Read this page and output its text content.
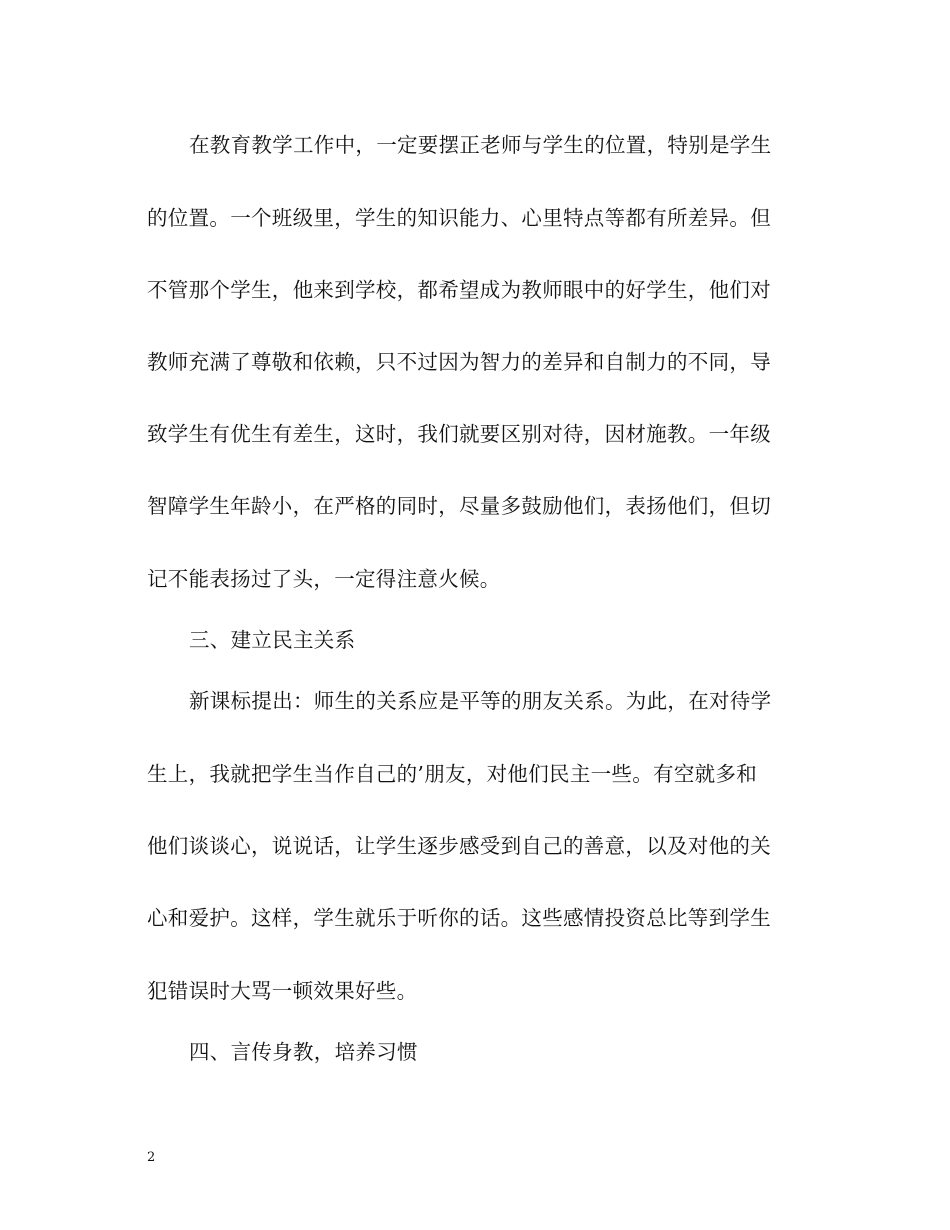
在教育教学工作中，一定要摆正老师与学生的位置，特别是学生
的位置。一个班级里，学生的知识能力、心里特点等都有所差异。但
不管那个学生，他来到学校，都希望成为教师眼中的好学生，他们对
教师充满了尊敬和依赖，只不过因为智力的差异和自制力的不同，导
致学生有优生有差生，这时，我们就要区别对待，因材施教。一年级
智障学生年龄小，在严格的同时，尽量多鼓励他们，表扬他们，但切
记不能表扬过了头，一定得注意火候。
三、建立民主关系
新课标提出：师生的关系应是平等的朋友关系。为此，在对待学
生上，我就把学生当作自己的’朋友，对他们民主一些。有空就多和
他们谈谈心，说说话，让学生逐步感受到自己的善意，以及对他的关
心和爱护。这样，学生就乐于听你的话。这些感情投资总比等到学生
犯错误时大骂一顿效果好些。
四、言传身教，培养习惯
2
